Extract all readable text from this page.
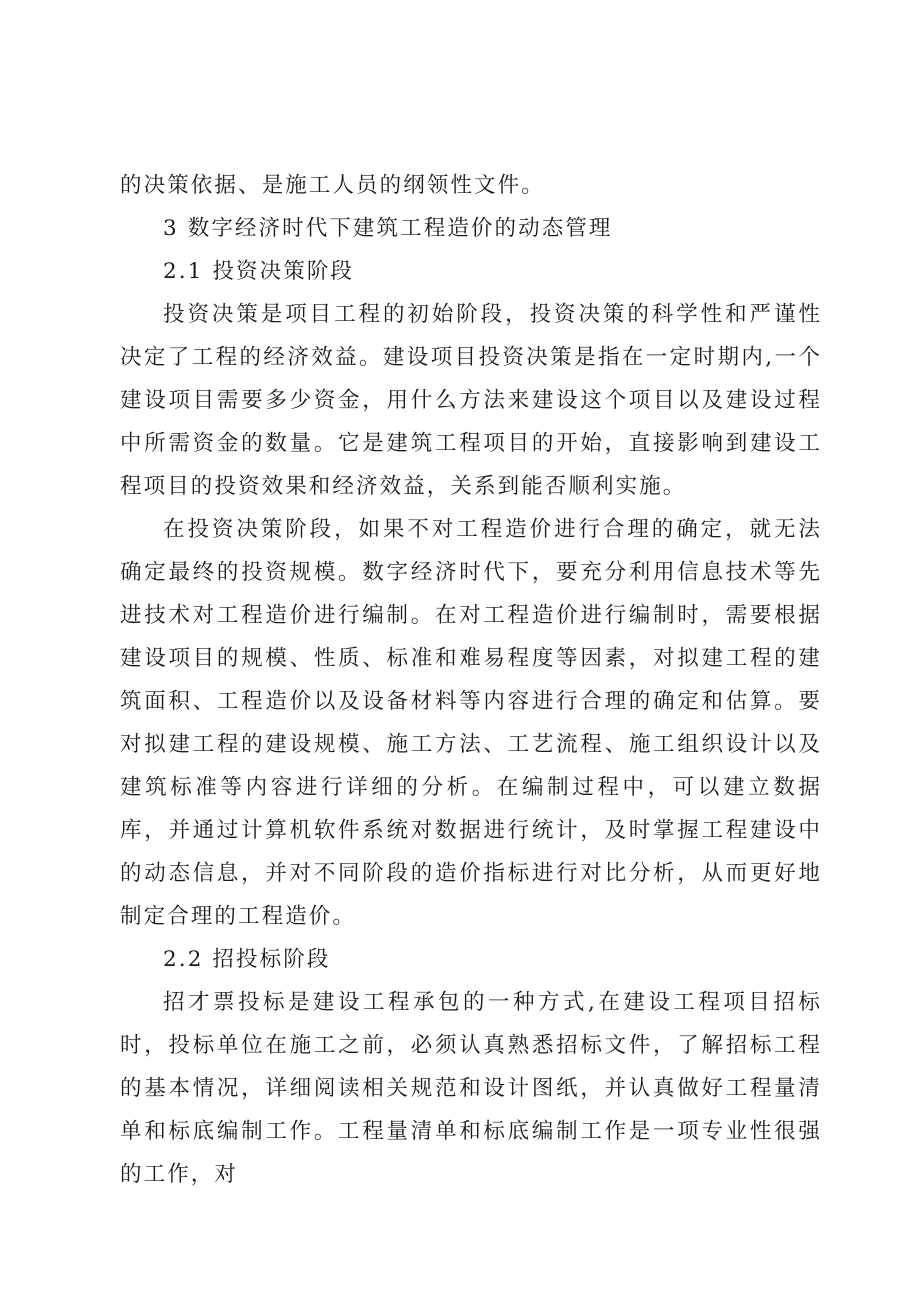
的决策依据、是施工人员的纲领性文件。

3 数字经济时代下建筑工程造价的动态管理

2.1 投资决策阶段

投资决策是项目工程的初始阶段，投资决策的科学性和严谨性决定了工程的经济效益。建设项目投资决策是指在一定时期内,一个建设项目需要多少资金，用什么方法来建设这个项目以及建设过程中所需资金的数量。它是建筑工程项目的开始，直接影响到建设工程项目的投资效果和经济效益，关系到能否顺利实施。

在投资决策阶段，如果不对工程造价进行合理的确定，就无法确定最终的投资规模。数字经济时代下，要充分利用信息技术等先进技术对工程造价进行编制。在对工程造价进行编制时，需要根据建设项目的规模、性质、标准和难易程度等因素，对拟建工程的建筑面积、工程造价以及设备材料等内容进行合理的确定和估算。要对拟建工程的建设规模、施工方法、工艺流程、施工组织设计以及建筑标准等内容进行详细的分析。在编制过程中，可以建立数据库，并通过计算机软件系统对数据进行统计，及时掌握工程建设中的动态信息，并对不同阶段的造价指标进行对比分析，从而更好地制定合理的工程造价。

2.2 招投标阶段

招才票投标是建设工程承包的一种方式,在建设工程项目招标时，投标单位在施工之前，必须认真熟悉招标文件，了解招标工程的基本情况，详细阅读相关规范和设计图纸，并认真做好工程量清单和标底编制工作。工程量清单和标底编制工作是一项专业性很强的工作，对
